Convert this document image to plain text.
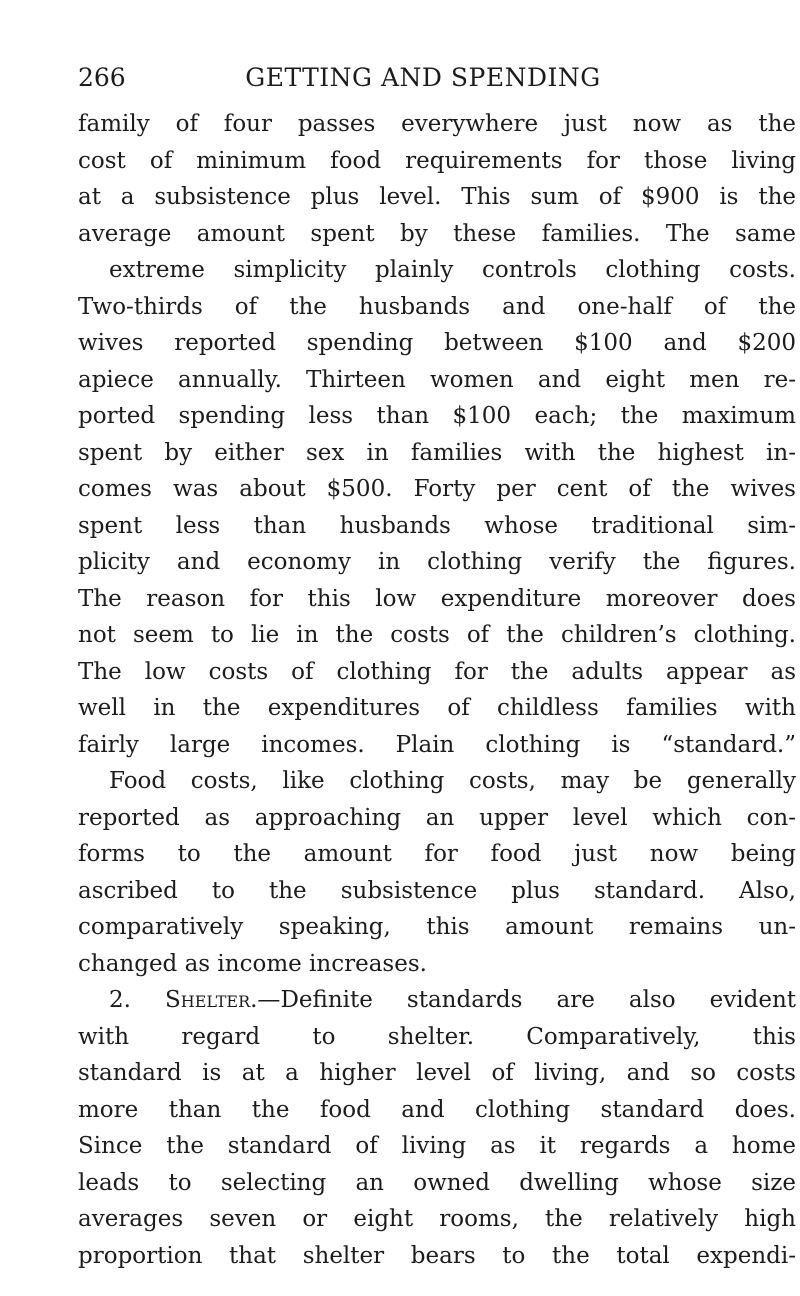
266	GETTING AND SPENDING
family of four passes everywhere just now as the
cost of minimum food requirements for those living
at a subsistence plus level. This sum of $900 is the
average amount spent by these families. The same
extreme simplicity plainly controls clothing costs.
Two-thirds of the husbands and one-half of the
wives reported spending between $100 and $200
apiece annually. Thirteen women and eight men re-
ported spending less than $100 each; the maximum
spent by either sex in families with the highest in-
comes was about $500. Forty per cent of the wives
spent less than husbands whose traditional sim-
plicity and economy in clothing verify the figures.
The reason for this low expenditure moreover does
not seem to lie in the costs of the children’s clothing.
The low costs of clothing for the adults appear as
well in the expenditures of childless families with
fairly large incomes. Plain clothing is “standard.”
Food costs, like clothing costs, may be generally
reported as approaching an upper level which con-
forms to the amount for food just now being
ascribed to the subsistence plus standard. Also,
comparatively speaking, this amount remains un-
changed as income increases.
2. Shelter.—Definite standards are also evident
with regard to shelter. Comparatively, this
standard is at a higher level of living, and so costs
more than the food and clothing standard does.
Since the standard of living as it regards a home
leads to selecting an owned dwelling whose size
averages seven or eight rooms, the relatively high
proportion that shelter bears to the total expendi-
